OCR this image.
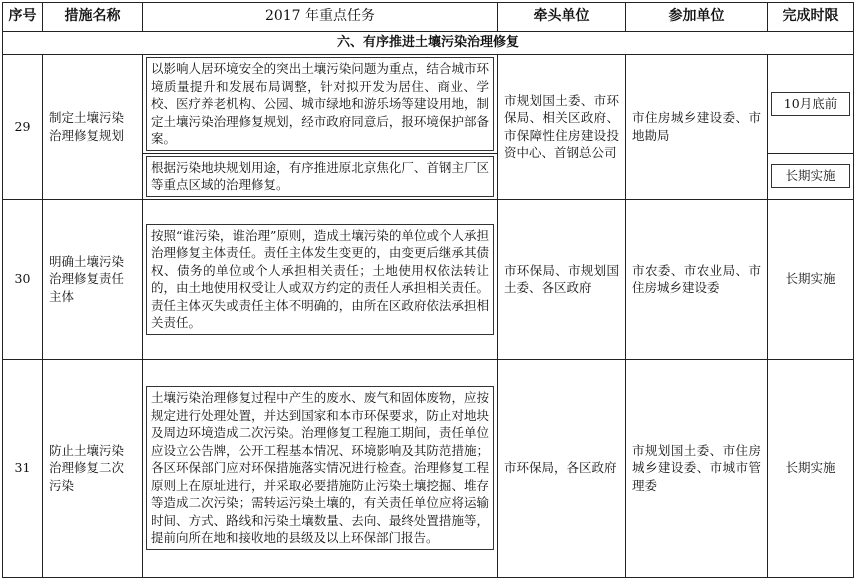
序号	措施名称	2017 年重点任务	牵头单位	参加单位	完成时限
六、有序推进土壤污染治理修复					
29	制定土壤污染治理修复规划	以影响人居环境安全的突出土壤污染问题为重点，结合城市环境质量提升和发展布局调整，针对拟开发为居住、商业、学校、医疗养老机构、公园、城市绿地和游乐场等建设用地，制定土壤污染治理修复规划，经市政府同意后，报环境保护部备案。	市规划国土委、市环保局、相关区政府、市保障性住房建设投资中心、首钢总公司	市住房城乡建设委、市地勘局	10月底前

		根据污染地块规划用途，有序推进原北京焦化厂、首钢主厂区等重点区域的治理修复。			长期实施

30	明确土壤污染治理修复责任主体	按照“谁污染，谁治理”原则，造成土壤污染的单位或个人承担治理修复主体责任。责任主体发生变更的，由变更后继承其债权、债务的单位或个人承担相关责任；土地使用权依法转让的，由土地使用权受让人或双方约定的责任人承担相关责任。责任主体灭失或责任主体不明确的，由所在区政府依法承担相关责任。	市环保局、市规划国土委、各区政府	市农委、市农业局、市住房城乡建设委	长期实施
31	防止土壤污染治理修复二次污染	土壤污染治理修复过程中产生的废水、废气和固体废物，应按规定进行处理处置，并达到国家和本市环保要求，防止对地块及周边环境造成二次污染。治理修复工程施工期间，责任单位应设立公告牌，公开工程基本情况、环境影响及其防范措施；各区环保部门应对环保措施落实情况进行检查。治理修复工程原则上在原址进行，并采取必要措施防止污染土壤挖掘、堆存等造成二次污染；需转运污染土壤的，有关责任单位应将运输时间、方式、路线和污染土壤数量、去向、最终处置措施等，提前向所在地和接收地的县级及以上环保部门报告。	市环保局，各区政府	市规划国土委、市住房城乡建设委、市城市管理委	长期实施
